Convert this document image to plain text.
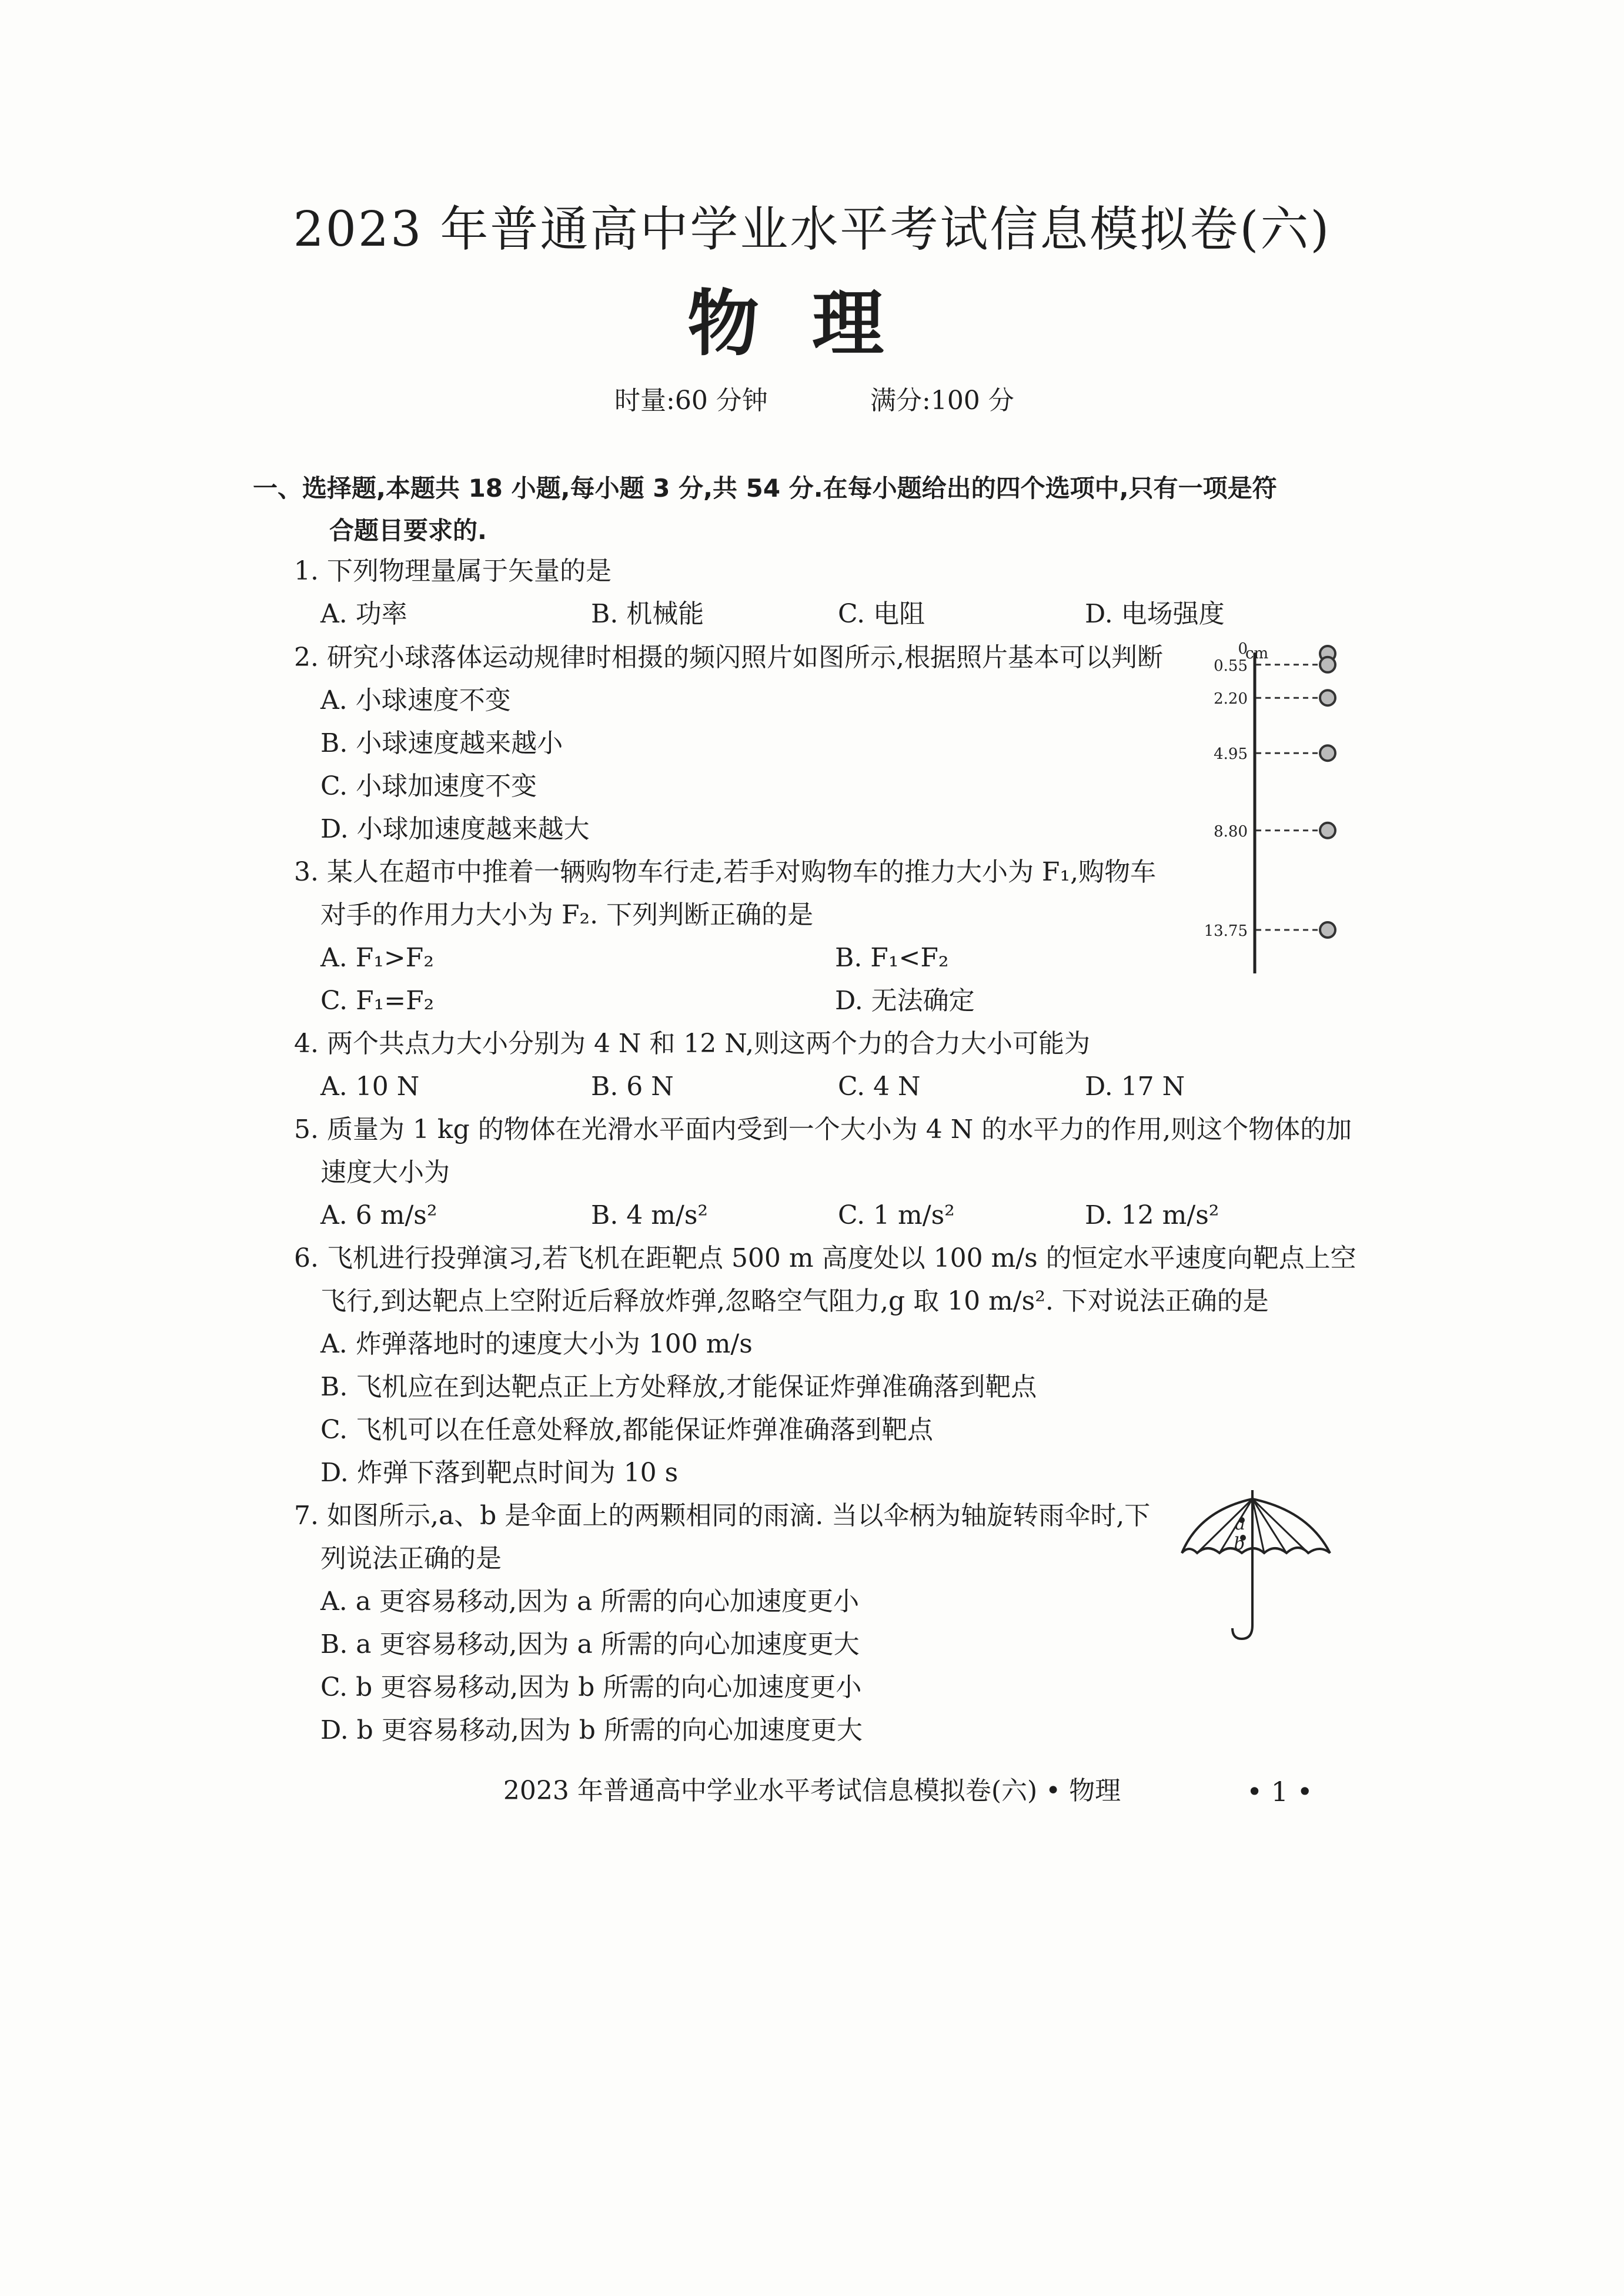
2023 年普通高中学业水平考试信息模拟卷(六)
物理
时量:60 分钟	满分:100 分
一、选择题,本题共 18 小题,每小题 3 分,共 54 分.在每小题给出的四个选项中,只有一项是符
合题目要求的.
1. 下列物理量属于矢量的是
A. 功率	B. 机械能	C. 电阻	D. 电场强度
2. 研究小球落体运动规律时相摄的频闪照片如图所示,根据照片基本可以判断
A. 小球速度不变
B. 小球速度越来越小
C. 小球加速度不变
D. 小球加速度越来越大
3. 某人在超市中推着一辆购物车行走,若手对购物车的推力大小为 F₁,购物车
对手的作用力大小为 F₂. 下列判断正确的是
A. F₁>F₂	B. F₁<F₂
C. F₁=F₂	D. 无法确定
4. 两个共点力大小分别为 4 N 和 12 N,则这两个力的合力大小可能为
A. 10 N	B. 6 N	C. 4 N	D. 17 N
5. 质量为 1 kg 的物体在光滑水平面内受到一个大小为 4 N 的水平力的作用,则这个物体的加
速度大小为
A. 6 m/s²	B. 4 m/s²	C. 1 m/s²	D. 12 m/s²
6. 飞机进行投弹演习,若飞机在距靶点 500 m 高度处以 100 m/s 的恒定水平速度向靶点上空
飞行,到达靶点上空附近后释放炸弹,忽略空气阻力,g 取 10 m/s². 下对说法正确的是
A. 炸弹落地时的速度大小为 100 m/s
B. 飞机应在到达靶点正上方处释放,才能保证炸弹准确落到靶点
C. 飞机可以在任意处释放,都能保证炸弹准确落到靶点
D. 炸弹下落到靶点时间为 10 s
7. 如图所示,a、b 是伞面上的两颗相同的雨滴. 当以伞柄为轴旋转雨伞时,下
列说法正确的是
A. a 更容易移动,因为 a 所需的向心加速度更小
B. a 更容易移动,因为 a 所需的向心加速度更大
C. b 更容易移动,因为 b 所需的向心加速度更小
D. b 更容易移动,因为 b 所需的向心加速度更大
cm
0
0.55
2.20
4.95
8.80
13.75
a
b
2023 年普通高中学业水平考试信息模拟卷(六) • 物理	• 1 •
